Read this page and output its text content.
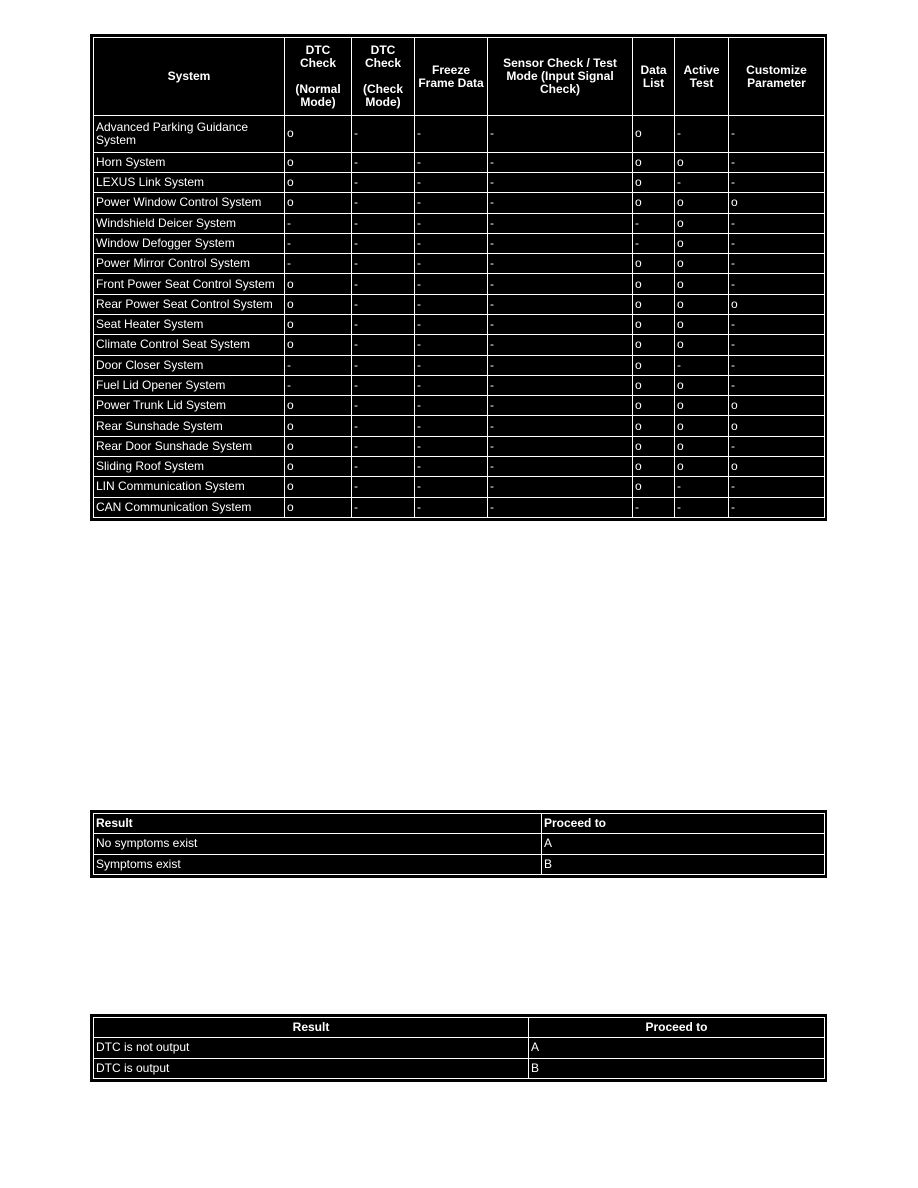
System	DTC
Check
(Normal
Mode)	DTC
Check
(Check
Mode)	Freeze
Frame Data	Sensor Check / Test
Mode (Input Signal
Check)	Data
List	Active
Test	Customize
Parameter

Advanced Parking Guidance System	o	-	-	-	o	-	-
Horn System	o	-	-	-	o	o	-
LEXUS Link System	o	-	-	-	o	-	-
Power Window Control System	o	-	-	-	o	o	o
Windshield Deicer System	-	-	-	-	-	o	-
Window Defogger System	-	-	-	-	-	o	-
Power Mirror Control System	-	-	-	-	o	o	-
Front Power Seat Control System	o	-	-	-	o	o	-
Rear Power Seat Control System	o	-	-	-	o	o	o
Seat Heater System	o	-	-	-	o	o	-
Climate Control Seat System	o	-	-	-	o	o	-
Door Closer System	-	-	-	-	o	-	-
Fuel Lid Opener System	-	-	-	-	o	o	-
Power Trunk Lid System	o	-	-	-	o	o	o
Rear Sunshade System	o	-	-	-	o	o	o
Rear Door Sunshade System	o	-	-	-	o	o	-
Sliding Roof System	o	-	-	-	o	o	o
LIN Communication System	o	-	-	-	o	-	-
CAN Communication System	o	-	-	-	-	-	-
Result	Proceed to
No symptoms exist	A
Symptoms exist	B
Result	Proceed to
DTC is not output	A
DTC is output	B
